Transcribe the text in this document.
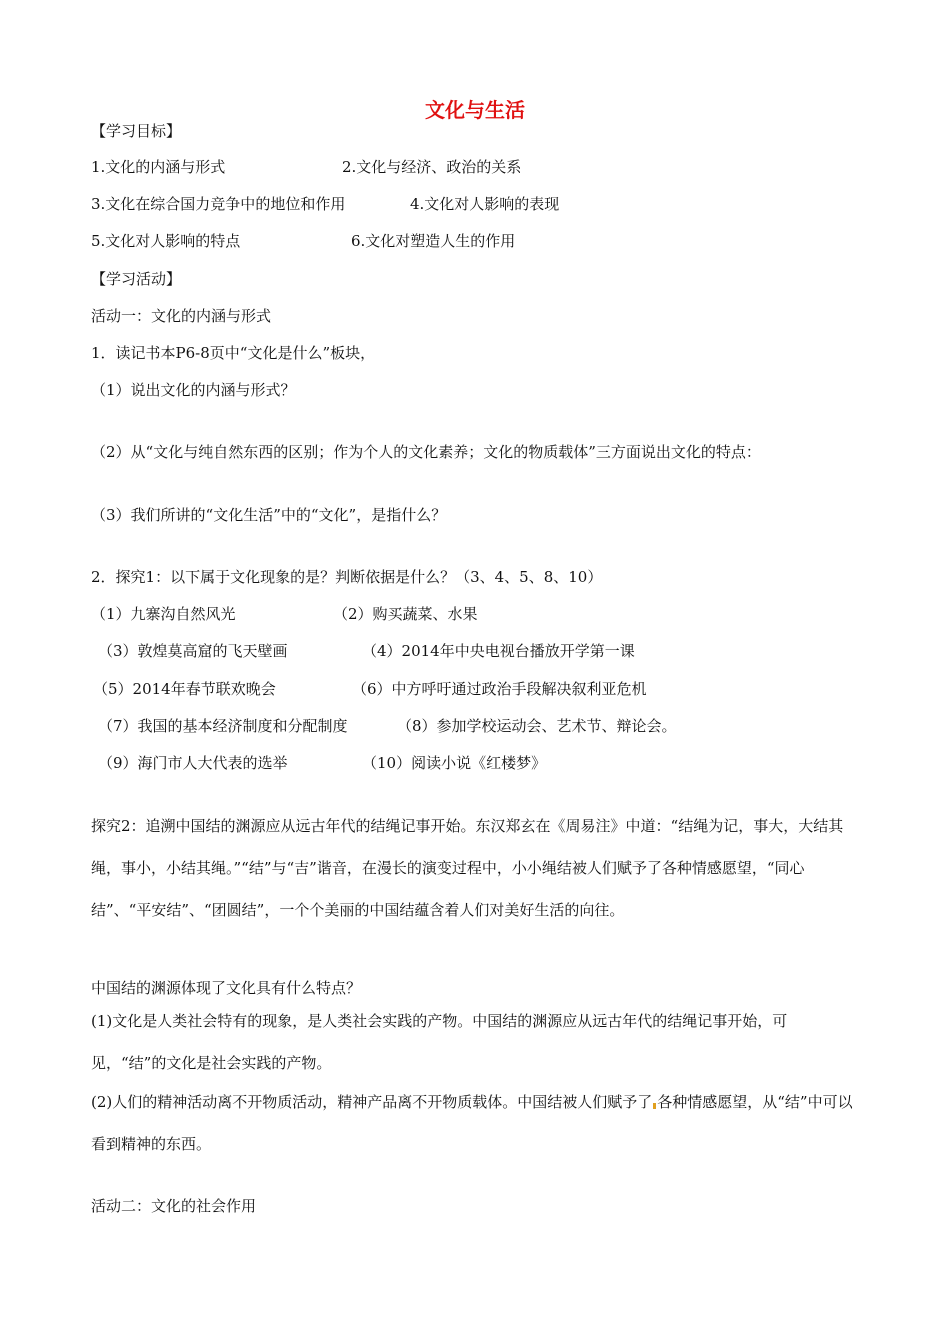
文化与生活
【学习目标】
1.文化的内涵与形式	2.文化与经济、政治的关系
3.文化在综合国力竞争中的地位和作用	4.文化对人影响的表现
5.文化对人影响的特点	6.文化对塑造人生的作用
【学习活动】
活动一：文化的内涵与形式
1．读记书本P6-8页中“文化是什么”板块，
（1）说出文化的内涵与形式？
（2）从“文化与纯自然东西的区别；作为个人的文化素养；文化的物质载体”三方面说出文化的特点：
（3）我们所讲的“文化生活”中的“文化”，是指什么？
2．探究1：以下属于文化现象的是？判断依据是什么？（3、4、5、8、10）
（1）九寨沟自然风光	（2）购买蔬菜、水果
（3）敦煌莫高窟的飞天壁画	（4）2014年中央电视台播放开学第一课
（5）2014年春节联欢晚会	（6）中方呼吁通过政治手段解决叙利亚危机
（7）我国的基本经济制度和分配制度	（8）参加学校运动会、艺术节、辩论会。
（9）海门市人大代表的选举	（10）阅读小说《红楼梦》
探究2：追溯中国结的渊源应从远古年代的结绳记事开始。东汉郑玄在《周易注》中道：“结绳为记，事大，大结其绳，事小，小结其绳。”“结”与“吉”谐音，在漫长的演变过程中，小小绳结被人们赋予了各种情感愿望，“同心结”、“平安结”、“团圆结”，一个个美丽的中国结蕴含着人们对美好生活的向往。
中国结的渊源体现了文化具有什么特点？
(1)文化是人类社会特有的现象，是人类社会实践的产物。中国结的渊源应从远古年代的结绳记事开始，可见，“结”的文化是社会实践的产物。
(2)人们的精神活动离不开物质活动，精神产品离不开物质载体。中国结被人们赋予了 各种情感愿望，从“结”中可以看到精神的东西。
活动二：文化的社会作用
